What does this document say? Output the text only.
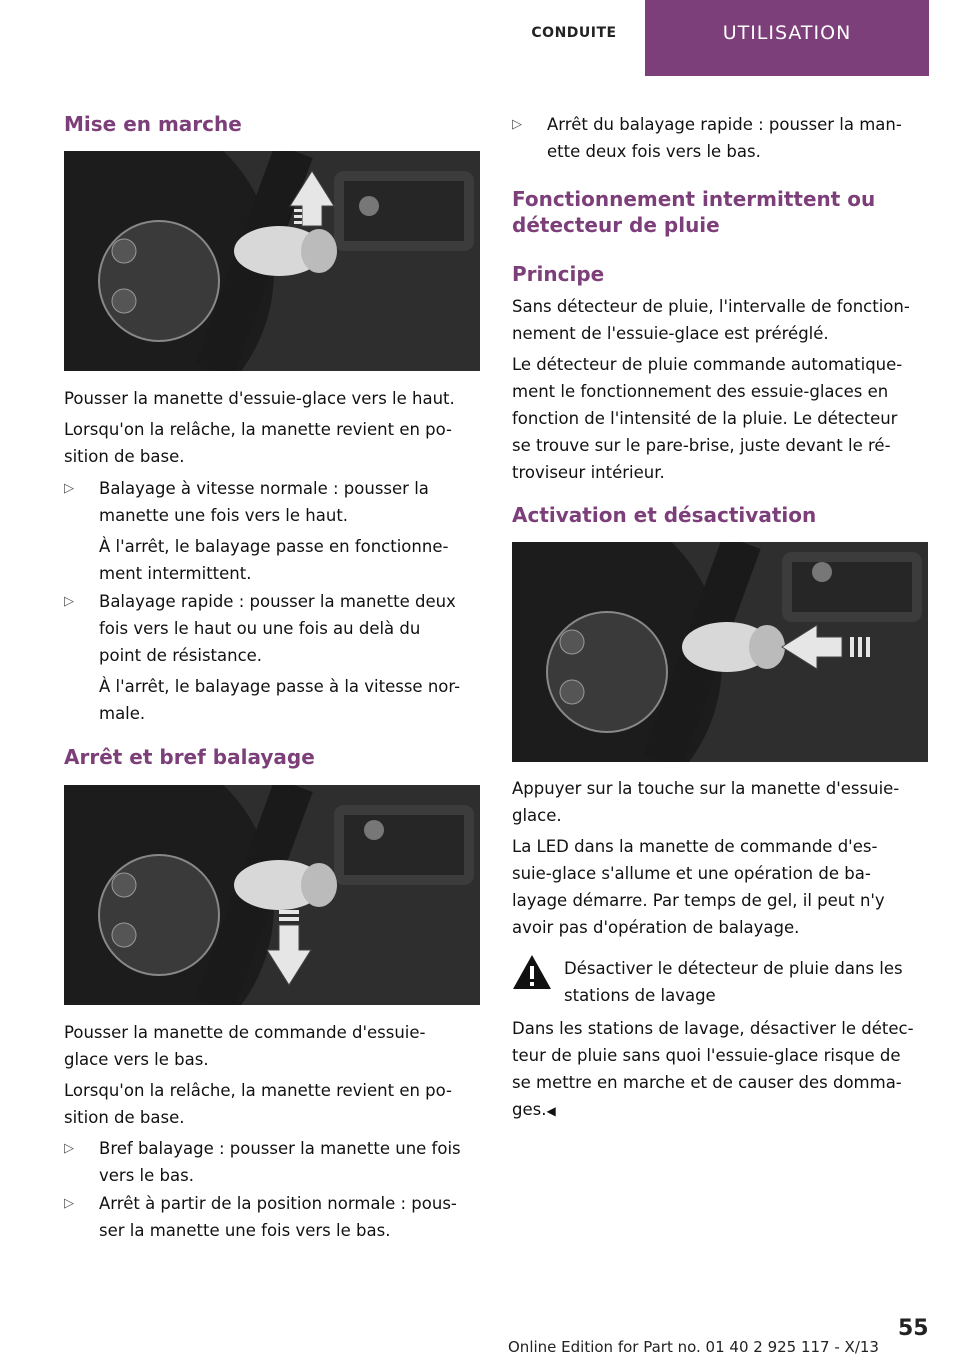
CONDUITE	UTILISATION
Mise en marche

Pousser la manette d'essuie-glace vers le haut.

Lorsqu'on la relâche, la manette revient en po-

sition de base.

▷ Balayage à vitesse normale : pousser la
manette une fois vers le haut.
À l'arrêt, le balayage passe en fonctionne-
ment intermittent.
▷ Balayage rapide : pousser la manette deux
fois vers le haut ou une fois au delà du
point de résistance.
À l'arrêt, le balayage passe à la vitesse nor-
male.
Arrêt et bref balayage

Pousser la manette de commande d'essuie-

glace vers le bas.

Lorsqu'on la relâche, la manette revient en po-

sition de base.

▷ Bref balayage : pousser la manette une fois
vers le bas.
▷ Arrêt à partir de la position normale : pous-
ser la manette une fois vers le bas.
▷ Arrêt du balayage rapide : pousser la man-
ette deux fois vers le bas.
Fonctionnement intermittent ou
détecteur de pluie
Principe

Sans détecteur de pluie, l'intervalle de fonction-

nement de l'essuie-glace est préréglé.

Le détecteur de pluie commande automatique-

ment le fonctionnement des essuie-glaces en

fonction de l'intensité de la pluie. Le détecteur

se trouve sur le pare-brise, juste devant le ré-

troviseur intérieur.

Activation et désactivation

Appuyer sur la touche sur la manette d'essuie-

glace.

La LED dans la manette de commande d'es-

suie-glace s'allume et une opération de ba-

layage démarre. Par temps de gel, il peut n'y

avoir pas d'opération de balayage.

Désactiver le détecteur de pluie dans les

stations de lavage

Dans les stations de lavage, désactiver le détec-

teur de pluie sans quoi l'essuie-glace risque de

se mettre en marche et de causer des domma-

ges.◀

55
Online Edition for Part no. 01 40 2 925 117 - X/13
